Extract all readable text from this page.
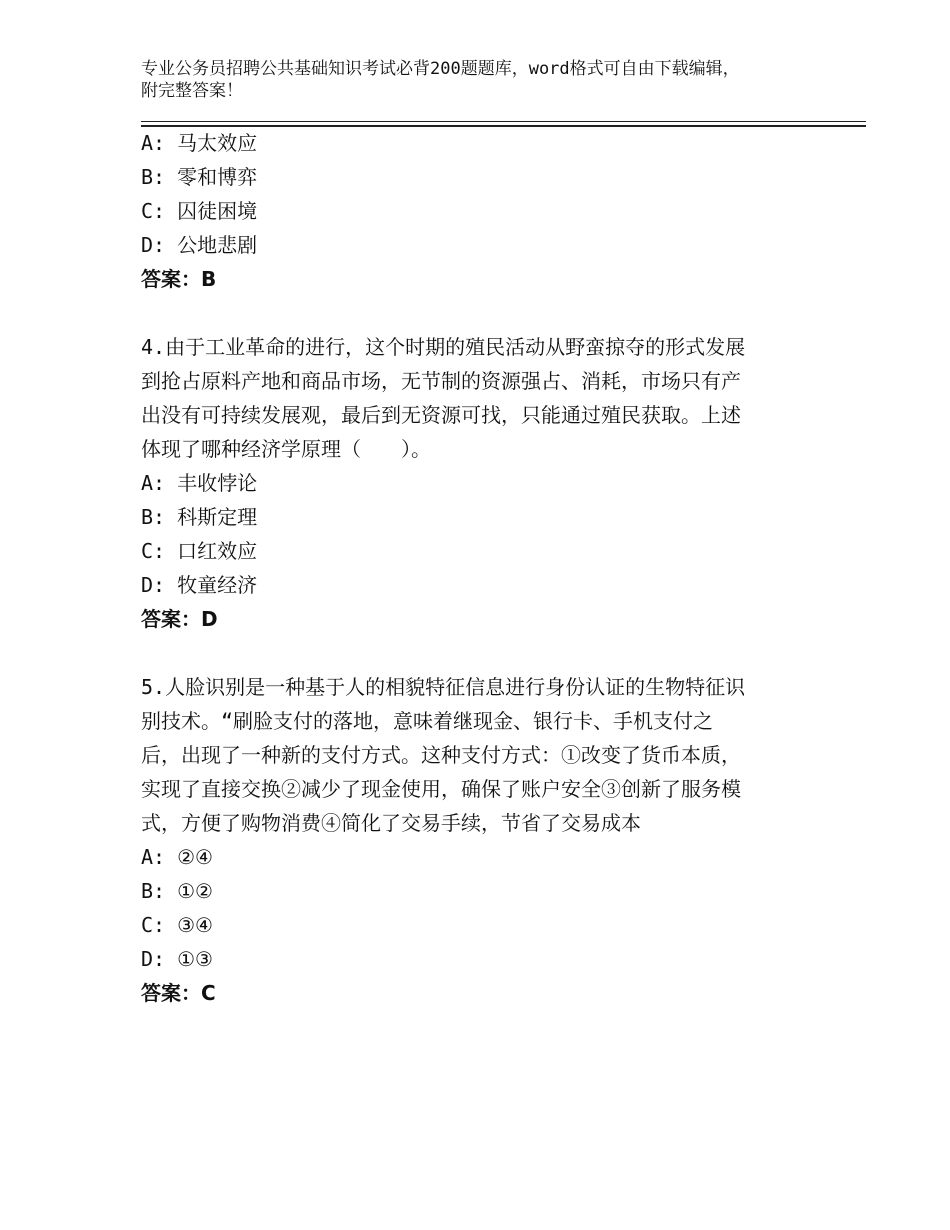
专业公务员招聘公共基础知识考试必背200题题库，word格式可自由下载编辑，
附完整答案！
A: 马太效应
B: 零和博弈
C: 囚徒困境
D: 公地悲剧
答案：B
4.由于工业革命的进行，这个时期的殖民活动从野蛮掠夺的形式发展
到抢占原料产地和商品市场，无节制的资源强占、消耗，市场只有产
出没有可持续发展观，最后到无资源可找，只能通过殖民获取。上述
体现了哪种经济学原理（　　）。
A: 丰收悖论
B: 科斯定理
C: 口红效应
D: 牧童经济
答案：D
5.人脸识别是一种基于人的相貌特征信息进行身份认证的生物特征识
别技术。“刷脸支付的落地，意味着继现金、银行卡、手机支付之
后，出现了一种新的支付方式。这种支付方式：①改变了货币本质，
实现了直接交换②减少了现金使用，确保了账户安全③创新了服务模
式，方便了购物消费④简化了交易手续，节省了交易成本
A: ②④
B: ①②
C: ③④
D: ①③
答案：C
